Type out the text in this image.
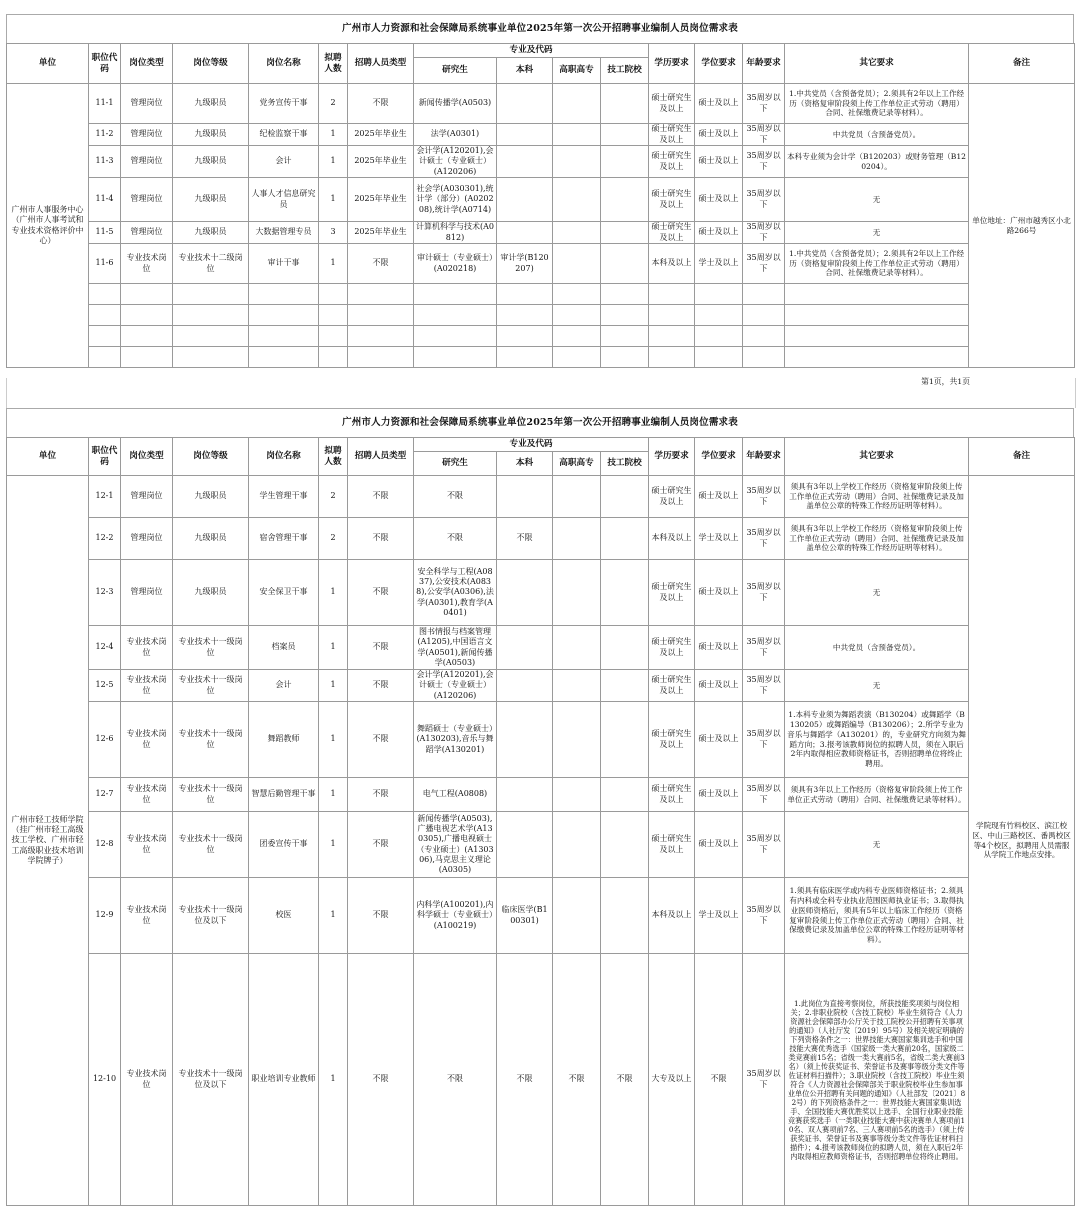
广州市人力资源和社会保障局系统事业单位2025年第一次公开招聘事业编制人员岗位需求表
单位	职位代码	岗位类型	岗位等级	岗位名称	拟聘人数	招聘人员类型	专业及代码				学历要求	学位要求	年龄要求	其它要求	备注
							研究生	本科	高职高专	技工院校					
广州市人事服务中心（广州市人事考试和专业技术资格评价中心）	11-1	管理岗位	九级职员	党务宣传干事	2	不限	新闻传播学(A0503)				硕士研究生及以上	硕士及以上	35周岁以下	1.中共党员（含预备党员）；2.须具有2年以上工作经历（资格复审阶段须上传工作单位正式劳动（聘用）合同、社保缴费记录等材料）。	单位地址：广州市越秀区小北路266号
	11-2	管理岗位	九级职员	纪检监察干事	1	2025年毕业生	法学(A0301)				硕士研究生及以上	硕士及以上	35周岁以下	中共党员（含预备党员）。	
	11-3	管理岗位	九级职员	会计	1	2025年毕业生	会计学(A120201),会计硕士（专业硕士）(A120206)				硕士研究生及以上	硕士及以上	35周岁以下	本科专业须为会计学（B120203）或财务管理（B120204）。	
	11-4	管理岗位	九级职员	人事人才信息研究员	1	2025年毕业生	社会学(A030301),统计学（部分）(A020208),统计学(A0714)				硕士研究生及以上	硕士及以上	35周岁以下	无	
	11-5	管理岗位	九级职员	大数据管理专员	3	2025年毕业生	计算机科学与技术(A0812)				硕士研究生及以上	硕士及以上	35周岁以下	无	
	11-6	专业技术岗位	专业技术十二级岗位	审计干事	1	不限	审计硕士（专业硕士）(A020218)	审计学(B120207)			本科及以上	学士及以上	35周岁以下	1.中共党员（含预备党员）；2.须具有2年以上工作经历（资格复审阶段须上传工作单位正式劳动（聘用）合同、社保缴费记录等材料）。	

第1页，共1页
广州市人力资源和社会保障局系统事业单位2025年第一次公开招聘事业编制人员岗位需求表
单位	职位代码	岗位类型	岗位等级	岗位名称	拟聘人数	招聘人员类型	专业及代码				学历要求	学位要求	年龄要求	其它要求	备注
							研究生	本科	高职高专	技工院校					
广州市轻工技师学院（挂广州市轻工高级技工学校、广州市轻工高级职业技术培训学院牌子）	12-1	管理岗位	九级职员	学生管理干事	2	不限	不限				硕士研究生及以上	硕士及以上	35周岁以下	须具有3年以上学校工作经历（资格复审阶段须上传工作单位正式劳动（聘用）合同、社保缴费记录及加盖单位公章的特殊工作经历证明等材料）。	学院现有竹料校区、滨江校区、中山三路校区、番禺校区等4个校区，拟聘用人员需服从学院工作地点安排。
	12-2	管理岗位	九级职员	宿舍管理干事	2	不限	不限	不限			本科及以上	学士及以上	35周岁以下	须具有3年以上学校工作经历（资格复审阶段须上传工作单位正式劳动（聘用）合同、社保缴费记录及加盖单位公章的特殊工作经历证明等材料）。	
	12-3	管理岗位	九级职员	安全保卫干事	1	不限	安全科学与工程(A0837),公安技术(A0838),公安学(A0306),法学(A0301),教育学(A0401)				硕士研究生及以上	硕士及以上	35周岁以下	无	
	12-4	专业技术岗位	专业技术十一级岗位	档案员	1	不限	图书情报与档案管理(A1205),中国语言文学(A0501),新闻传播学(A0503)				硕士研究生及以上	硕士及以上	35周岁以下	中共党员（含预备党员）。	
	12-5	专业技术岗位	专业技术十一级岗位	会计	1	不限	会计学(A120201),会计硕士（专业硕士）(A120206)				硕士研究生及以上	硕士及以上	35周岁以下	无	
	12-6	专业技术岗位	专业技术十一级岗位	舞蹈教师	1	不限	舞蹈硕士（专业硕士）(A130203),音乐与舞蹈学(A130201)				硕士研究生及以上	硕士及以上	35周岁以下	1.本科专业须为舞蹈表演（B130204）或舞蹈学（B130205）或舞蹈编导（B130206）；2.所学专业为音乐与舞蹈学（A130201）的，专业研究方向须为舞蹈方向；3.报考该教师岗位的拟聘人员，须在入职后2年内取得相应教师资格证书，否则招聘单位将终止聘用。	
	12-7	专业技术岗位	专业技术十一级岗位	智慧后勤管理干事	1	不限	电气工程(A0808)				硕士研究生及以上	硕士及以上	35周岁以下	须具有3年以上工作经历（资格复审阶段须上传工作单位正式劳动（聘用）合同、社保缴费记录等材料）。	
	12-8	专业技术岗位	专业技术十一级岗位	团委宣传干事	1	不限	新闻传播学(A0503),广播电视艺术学(A130305),广播电视硕士（专业硕士）(A130306),马克思主义理论(A0305)				硕士研究生及以上	硕士及以上	35周岁以下	无	
	12-9	专业技术岗位	专业技术十一级岗位及以下	校医	1	不限	内科学(A100201),内科学硕士（专业硕士）(A100219)	临床医学(B100301)			本科及以上	学士及以上	35周岁以下	1.须具有临床医学或内科专业医师资格证书；2.须具有内科或全科专业执业范围医师执业证书；3.取得执业医师资格后，须具有5年以上临床工作经历（资格复审阶段须上传工作单位正式劳动（聘用）合同、社保缴费记录及加盖单位公章的特殊工作经历证明等材料）。	
	12-10	专业技术岗位	专业技术十一级岗位及以下	职业培训专业教师	1	不限	不限	不限	不限	不限	大专及以上	不限	35周岁以下	1.此岗位为直接考察岗位，所获技能奖项须与岗位相关；2.非职业院校（含技工院校）毕业生须符合《人力资源社会保障部办公厅关于技工院校公开招聘有关事项的通知》（人社厅发〔2019〕95号）及相关规定明确的下列资格条件之一：世界技能大赛国家集训选手和中国技能大赛优秀选手（国家级一类大赛前20名，国家级二类竞赛前15名；省级一类大赛前5名，省级二类大赛前3名）（须上传获奖证书、荣誉证书及赛事等级分类文件等佐证材料扫描件）；3.职业院校（含技工院校）毕业生须符合《人力资源社会保障部关于职业院校毕业生参加事业单位公开招聘有关问题的通知》（人社部发〔2021〕82号）的下列资格条件之一：世界技能大赛国家集训选手、全国技能大赛优胜奖以上选手、全国行业职业技能竞赛获奖选手（一类职业技能大赛中获决赛单人赛项前10名、双人赛项前7名、三人赛项前5名的选手）（须上传获奖证书、荣誉证书及赛事等级分类文件等佐证材料扫描件）；4.报考该教师岗位的拟聘人员，须在入职后2年内取得相应教师资格证书，否则招聘单位将终止聘用。	
